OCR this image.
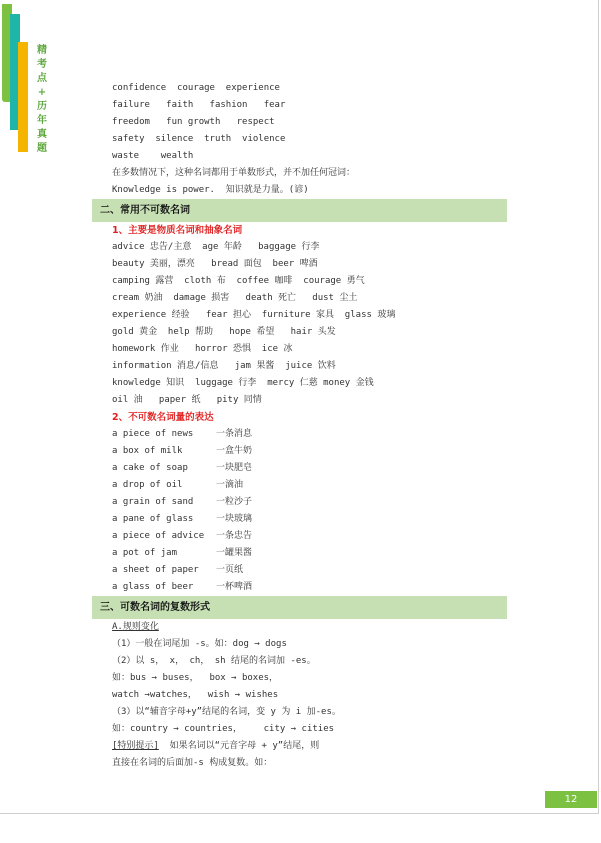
精
考
点
+
历
年
真
题
confidence  courage  experience
failure   faith   fashion   fear
freedom   fun growth   respect
safety  silence  truth  violence
waste    wealth
在多数情况下，这种名词都用于单数形式，并不加任何冠词：
Knowledge is power.  知识就是力量。(谚)
二、常用不可数名词
1、主要是物质名词和抽象名词
advice 忠告/主意  age 年龄   baggage 行李
beauty 美丽，漂亮   bread 面包  beer 啤酒
camping 露营  cloth 布  coffee 咖啡  courage 勇气
cream 奶油  damage 损害   death 死亡   dust 尘土
experience 经验   fear 担心  furniture 家具  glass 玻璃
gold 黄金  help 帮助   hope 希望   hair 头发
homework 作业   horror 恐惧  ice 冰
information 消息/信息   jam 果酱  juice 饮料
knowledge 知识  luggage 行李  mercy 仁慈 money 金钱
oil 油   paper 纸   pity 同情
2、不可数名词量的表达
a piece of news	一条消息
a box of milk	一盒牛奶
a cake of soap	一块肥皂
a drop of oil	一滴油
a grain of sand	一粒沙子
a pane of glass	一块玻璃
a piece of advice	一条忠告
a pot of jam	一罐果酱
a sheet of paper	一页纸
a glass of beer	一杯啤酒
三、可数名词的复数形式
A.规则变化
（1）一般在词尾加 -s。如：dog → dogs
（2）以 s， x， ch， sh 结尾的名词加 -es。
如：bus → buses，  box → boxes，
watch →watches，  wish → wishes
（3）以“辅音字母+y”结尾的名词，变 y 为 i 加-es。
如：country → countries，    city → cities
[特别提示]  如果名词以“元音字母 + y”结尾，则
直接在名词的后面加-s 构成复数。如：
12
